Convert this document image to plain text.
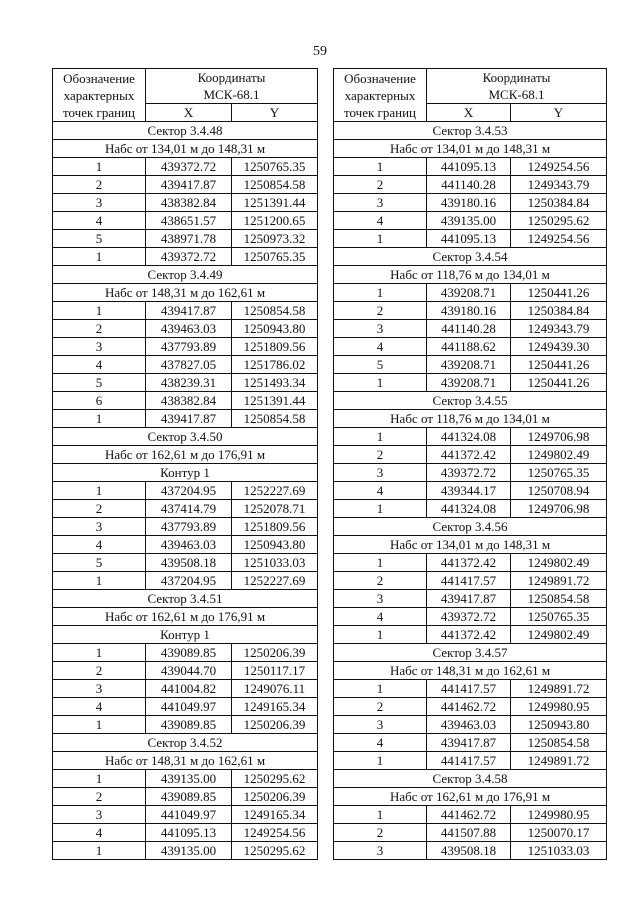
59
Обозначение характерных точек границ	Координаты МСК-68.1	

	X	Y
Сектор 3.4.48		
Набс от 134,01 м до 148,31 м		
1	439372.72	1250765.35
2	439417.87	1250854.58
3	438382.84	1251391.44
4	438651.57	1251200.65
5	438971.78	1250973.32
1	439372.72	1250765.35
Сектор 3.4.49		
Набс от 148,31 м до 162,61 м		
1	439417.87	1250854.58
2	439463.03	1250943.80
3	437793.89	1251809.56
4	437827.05	1251786.02
5	438239.31	1251493.34
6	438382.84	1251391.44
1	439417.87	1250854.58
Сектор 3.4.50		
Набс от 162,61 м до 176,91 м		
Контур 1		
1	437204.95	1252227.69
2	437414.79	1252078.71
3	437793.89	1251809.56
4	439463.03	1250943.80
5	439508.18	1251033.03
1	437204.95	1252227.69
Сектор 3.4.51		
Набс от 162,61 м до 176,91 м		
Контур 1		
1	439089.85	1250206.39
2	439044.70	1250117.17
3	441004.82	1249076.11
4	441049.97	1249165.34
1	439089.85	1250206.39
Сектор 3.4.52		
Набс от 148,31 м до 162,61 м		
1	439135.00	1250295.62
2	439089.85	1250206.39
3	441049.97	1249165.34
4	441095.13	1249254.56
1	439135.00	1250295.62
Обозначение характерных точек границ	Координаты МСК-68.1	

	X	Y
Сектор 3.4.53		
Набс от 134,01 м до 148,31 м		
1	441095.13	1249254.56
2	441140.28	1249343.79
3	439180.16	1250384.84
4	439135.00	1250295.62
1	441095.13	1249254.56
Сектор 3.4.54		
Набс от 118,76 м до 134,01 м		
1	439208.71	1250441.26
2	439180.16	1250384.84
3	441140.28	1249343.79
4	441188.62	1249439.30
5	439208.71	1250441.26
1	439208.71	1250441.26
Сектор 3.4.55		
Набс от 118,76 м до 134,01 м		
1	441324.08	1249706.98
2	441372.42	1249802.49
3	439372.72	1250765.35
4	439344.17	1250708.94
1	441324.08	1249706.98
Сектор 3.4.56		
Набс от 134,01 м до 148,31 м		
1	441372.42	1249802.49
2	441417.57	1249891.72
3	439417.87	1250854.58
4	439372.72	1250765.35
1	441372.42	1249802.49
Сектор 3.4.57		
Набс от 148,31 м до 162,61 м		
1	441417.57	1249891.72
2	441462.72	1249980.95
3	439463.03	1250943.80
4	439417.87	1250854.58
1	441417.57	1249891.72
Сектор 3.4.58		
Набс от 162,61 м до 176,91 м		
1	441462.72	1249980.95
2	441507.88	1250070.17
3	439508.18	1251033.03
